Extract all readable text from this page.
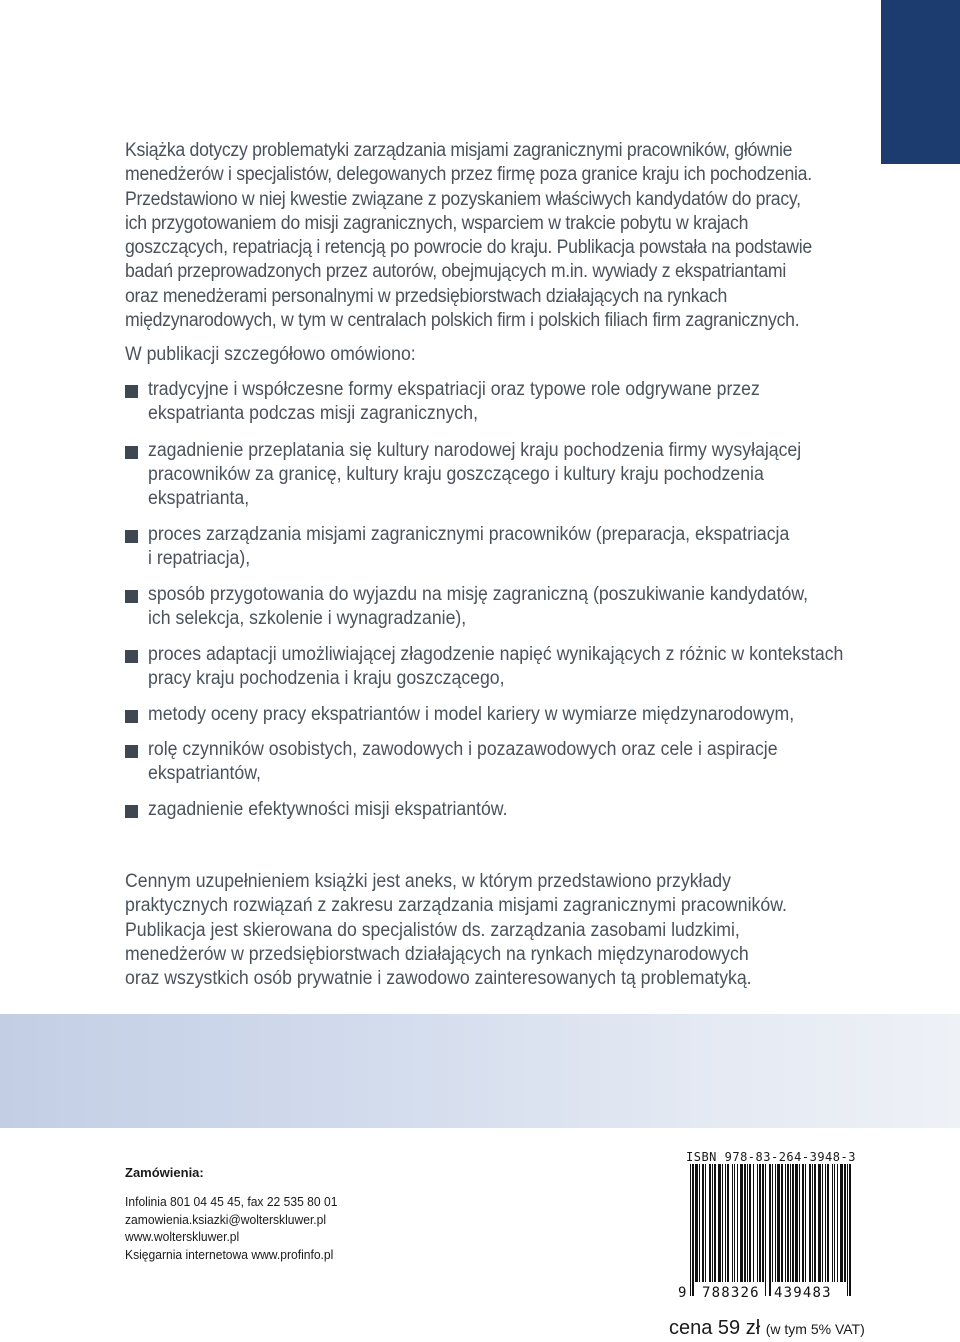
Książka dotyczy problematyki zarządzania misjami zagranicznymi pracowników, głównie
menedżerów i specjalistów, delegowanych przez firmę poza granice kraju ich pochodzenia.
Przedstawiono w niej kwestie związane z pozyskaniem właściwych kandydatów do pracy,
ich przygotowaniem do misji zagranicznych, wsparciem w trakcie pobytu w krajach
goszczących, repatriacją i retencją po powrocie do kraju. Publikacja powstała na podstawie
badań przeprowadzonych przez autorów, obejmujących m.in. wywiady z ekspatriantami
oraz menedżerami personalnymi w przedsiębiorstwach działających na rynkach
międzynarodowych, w tym w centralach polskich firm i polskich filiach firm zagranicznych.

W publikacji szczegółowo omówiono:

tradycyjne i współczesne formy ekspatriacji oraz typowe role odgrywane przez
ekspatrianta podczas misji zagranicznych,
zagadnienie przeplatania się kultury narodowej kraju pochodzenia firmy wysyłającej
pracowników za granicę, kultury kraju goszczącego i kultury kraju pochodzenia
ekspatrianta,
proces zarządzania misjami zagranicznymi pracowników (preparacja, ekspatriacja
i repatriacja),
sposób przygotowania do wyjazdu na misję zagraniczną (poszukiwanie kandydatów,
ich selekcja, szkolenie i wynagradzanie),
proces adaptacji umożliwiającej złagodzenie napięć wynikających z różnic w kontekstach
pracy kraju pochodzenia i kraju goszczącego,
metody oceny pracy ekspatriantów i model kariery w wymiarze międzynarodowym,
rolę czynników osobistych, zawodowych i pozazawodowych oraz cele i aspiracje
ekspatriantów,
zagadnienie efektywności misji ekspatriantów.

Cennym uzupełnieniem książki jest aneks, w którym przedstawiono przykłady
praktycznych rozwiązań z zakresu zarządzania misjami zagranicznymi pracowników.
Publikacja jest skierowana do specjalistów ds. zarządzania zasobami ludzkimi,
menedżerów w przedsiębiorstwach działających na rynkach międzynarodowych
oraz wszystkich osób prywatnie i zawodowo zainteresowanych tą problematyką.

Zamówienia:
Infolinia 801 04 45 45, fax 22 535 80 01
zamowienia.ksiazki@wolterskluwer.pl
www.wolterskluwer.pl
Księgarnia internetowa www.profinfo.pl
ISBN 978-83-264-3948-3
9 788326 439483
cena 59 zł (w tym 5% VAT)
